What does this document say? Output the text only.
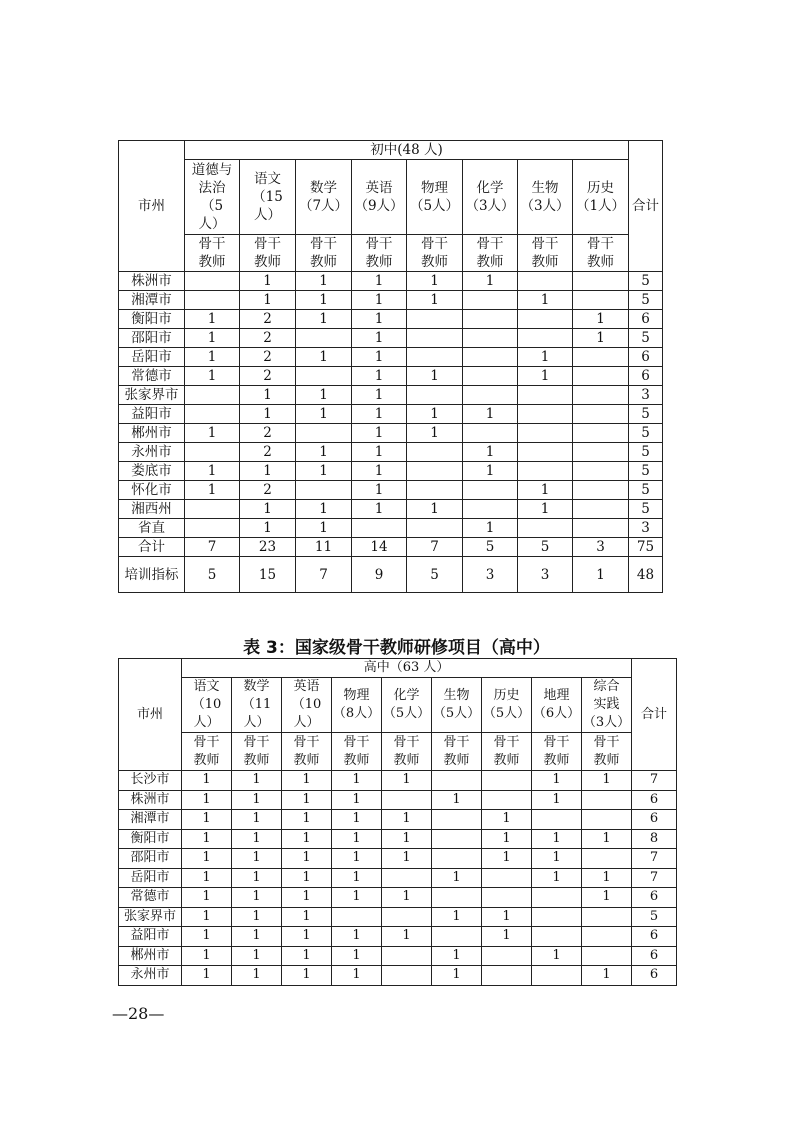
市州	初中(48 人)								合计
	道德与
法治
（5
人）	语文
（15
人）	数学
（7人）	英语
（9人）	物理
（5人）	化学
（3人）	生物
（3人）	历史
（1人）	
	骨干
教师	骨干
教师	骨干
教师	骨干
教师	骨干
教师	骨干
教师	骨干
教师	骨干
教师	
株洲市		1	1	1	1	1			5
湘潭市		1	1	1	1		1		5
衡阳市	1	2	1	1				1	6
邵阳市	1	2		1				1	5
岳阳市	1	2	1	1			1		6
常德市	1	2		1	1		1		6
张家界市		1	1	1					3
益阳市		1	1	1	1	1			5
郴州市	1	2		1	1				5
永州市		2	1	1		1			5
娄底市	1	1	1	1		1			5
怀化市	1	2		1			1		5
湘西州		1	1	1	1		1		5
省直		1	1			1			3
合计	7	23	11	14	7	5	5	3	75
培训指标	5	15	7	9	5	3	3	1	48

表 3：国家级骨干教师研修项目（高中）

市州	高中（63 人）									合计
	语文
（10
人）	数学
（11
人）	英语
（10
人）	物理
（8人）	化学
（5人）	生物
（5人）	历史
（5人）	地理
（6人）	综合
实践
（3人）	
	骨干
教师	骨干
教师	骨干
教师	骨干
教师	骨干
教师	骨干
教师	骨干
教师	骨干
教师	骨干
教师	
长沙市	1	1	1	1	1			1	1	7
株洲市	1	1	1	1		1		1		6
湘潭市	1	1	1	1	1		1			6
衡阳市	1	1	1	1	1		1	1	1	8
邵阳市	1	1	1	1	1		1	1		7
岳阳市	1	1	1	1		1		1	1	7
常德市	1	1	1	1	1				1	6
张家界市	1	1	1			1	1			5
益阳市	1	1	1	1	1		1			6
郴州市	1	1	1	1		1		1		6
永州市	1	1	1	1		1			1	6

—28—
